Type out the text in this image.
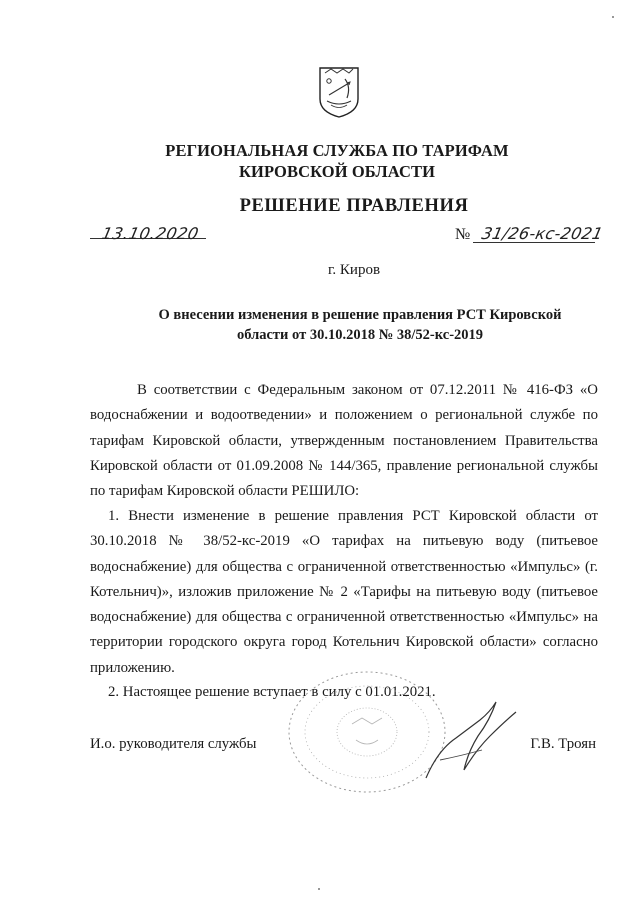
РЕГИОНАЛЬНАЯ СЛУЖБА ПО ТАРИФАМ
КИРОВСКОЙ ОБЛАСТИ
РЕШЕНИЕ ПРАВЛЕНИЯ
13.10.2020	№ 31/26-кс-2021
г. Киров
О внесении изменения в решение правления РСТ Кировской
области от 30.10.2018 № 38/52-кс-2019
В соответствии с Федеральным законом от 07.12.2011 № 416-ФЗ «О водоснабжении и водоотведении» и положением о региональной службе по тарифам Кировской области, утвержденным постановлением Правительства Кировской области от 01.09.2008 № 144/365, правление региональной службы по тарифам Кировской области РЕШИЛО:
1. Внести изменение в решение правления РСТ Кировской области от 30.10.2018 № 38/52-кс-2019 «О тарифах на питьевую воду (питьевое водоснабжение) для общества с ограниченной ответственностью «Импульс» (г. Котельнич)», изложив приложение № 2 «Тарифы на питьевую воду (питьевое водоснабжение) для общества с ограниченной ответственностью «Импульс» на территории городского округа город Котельнич Кировской области» согласно приложению.
2. Настоящее решение вступает в силу с 01.01.2021.
И.о. руководителя службы	Г.В. Троян
